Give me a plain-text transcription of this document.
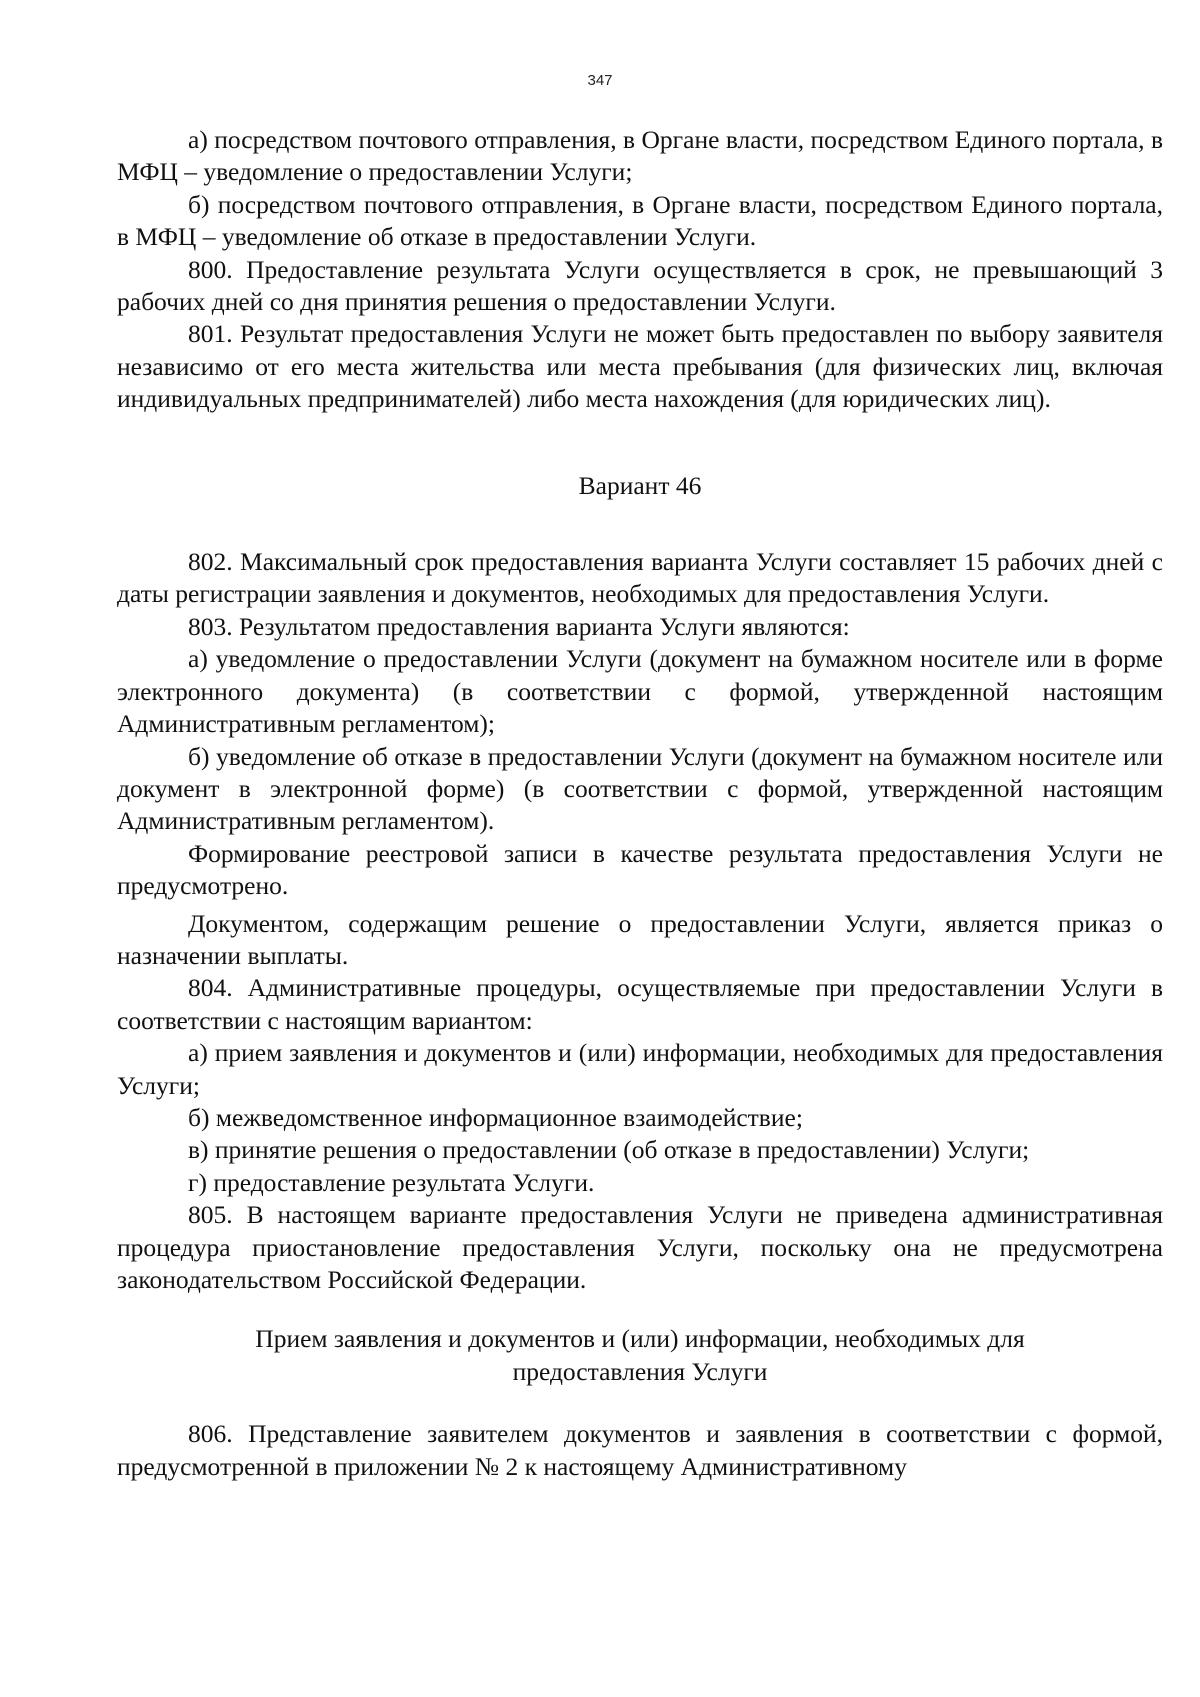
347

а) посредством почтового отправления, в Органе власти, посредством Единого портала, в МФЦ – уведомление о предоставлении Услуги;

б) посредством почтового отправления, в Органе власти, посредством Единого портала, в МФЦ – уведомление об отказе в предоставлении Услуги.

800. Предоставление результата Услуги осуществляется в срок, не превышающий 3 рабочих дней со дня принятия решения о предоставлении Услуги.

801. Результат предоставления Услуги не может быть предоставлен по выбору заявителя независимо от его места жительства или места пребывания (для физических лиц, включая индивидуальных предпринимателей) либо места нахождения (для юридических лиц).

Вариант 46

802. Максимальный срок предоставления варианта Услуги составляет 15 рабочих дней с даты регистрации заявления и документов, необходимых для предоставления Услуги.

803. Результатом предоставления варианта Услуги являются:

а) уведомление о предоставлении Услуги (документ на бумажном носителе или в форме электронного документа) (в соответствии с формой, утвержденной настоящим Административным регламентом);

б) уведомление об отказе в предоставлении Услуги (документ на бумажном носителе или документ в электронной форме) (в соответствии с формой, утвержденной настоящим Административным регламентом).

Формирование реестровой записи в качестве результата предоставления Услуги не предусмотрено.

Документом, содержащим решение о предоставлении Услуги, является приказ о назначении выплаты.

804. Административные процедуры, осуществляемые при предоставлении Услуги в соответствии с настоящим вариантом:

а) прием заявления и документов и (или) информации, необходимых для предоставления Услуги;

б) межведомственное информационное взаимодействие;

в) принятие решения о предоставлении (об отказе в предоставлении) Услуги;

г) предоставление результата Услуги.

805. В настоящем варианте предоставления Услуги не приведена административная процедура приостановление предоставления Услуги, поскольку она не предусмотрена законодательством Российской Федерации.

Прием заявления и документов и (или) информации, необходимых для предоставления Услуги

806. Представление заявителем документов и заявления в соответствии с формой, предусмотренной в приложении № 2 к настоящему Административному
